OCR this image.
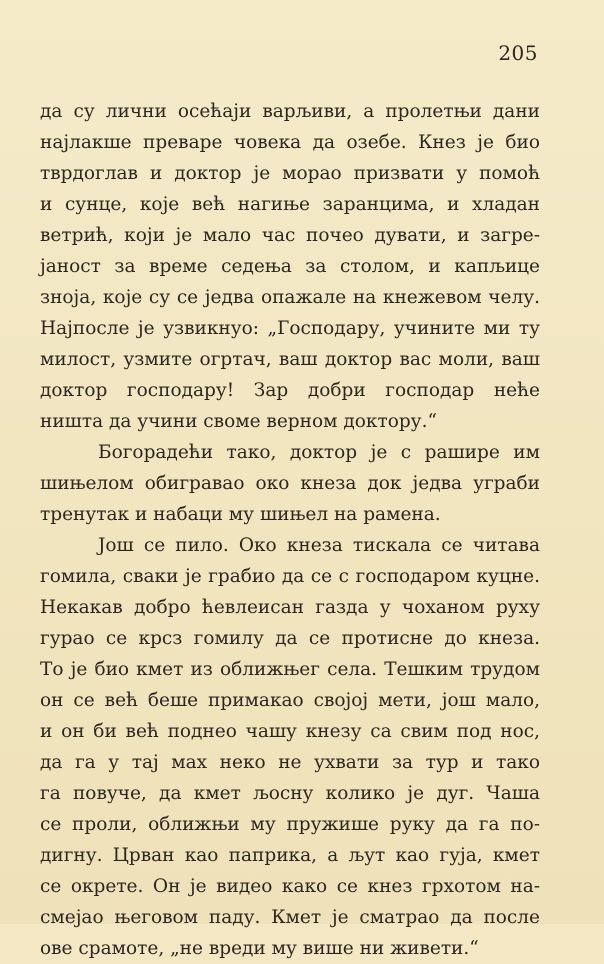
205
да су лични осећаји варљиви, а пролетњи дани
најлакше преваре човека да озебе. Кнез је био
тврдоглав и доктор је морао призвати у помоћ
и сунце, које већ нагиње заранцима, и хладан
ветрић, који је мало час почео дувати, и загре-
јаност за време седења за столом, и капљице
зноја, које су се једва опажале на кнежевом челу.
Најпосле је узвикнуо: „Господару, учините ми ту
милост, узмите огртач, ваш доктор вас моли, ваш
доктор господару! Зар добри господар неће
ништа да учини своме верном доктору.“
Богорадећи тако, доктор је с рашире им
шињелом обигравао око кнеза док једва уграби
тренутак и набаци му шињел на рамена.
Још се пило. Око кнеза тискала се читава
гомила, сваки је грабио да се с господаром куцне.
Некакав добро ћевлеисан газда у чоханом руху
гурао се крсз гомилу да се протисне до кнеза.
То је био кмет из оближњег села. Тешким трудом
он се већ беше примакао својој мети, још мало,
и он би већ поднео чашу кнезу са свим под нос,
да га у тај мах неко не ухвати за тур и тако
га повуче, да кмет љосну колико је дуг. Чаша
се проли, оближњи му пружише руку да га по-
дигну. Црван као паприка, а љут као гуја, кмет
се окрете. Он је видео како се кнез грхотом на-
смејао његовом паду. Кмет је сматрао да после
ове срамоте, „не вреди му више ни живети.“
